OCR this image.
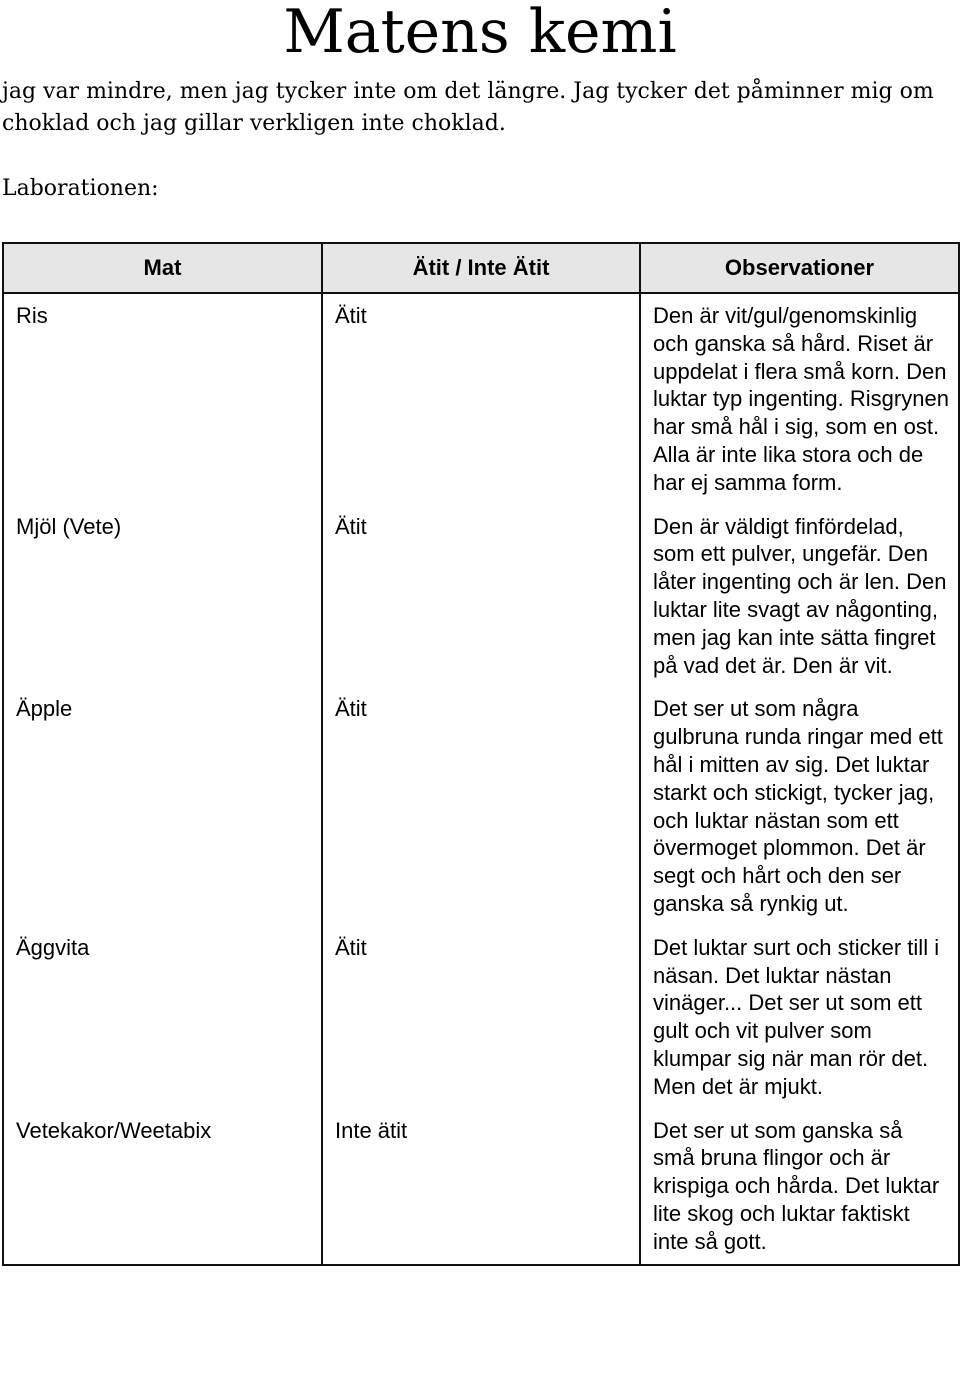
Matens kemi

jag var mindre, men jag tycker inte om det längre. Jag tycker det påminner mig om choklad och jag gillar verkligen inte choklad.

Laborationen:
Mat	Ätit / Inte Ätit	Observationer
Ris	Ätit	Den är vit/gul/genomskinlig och ganska så hård. Riset är uppdelat i flera små korn. Den luktar typ ingenting. Risgrynen har små hål i sig, som en ost. Alla är inte lika stora och de har ej samma form.
Mjöl (Vete)	Ätit	Den är väldigt finfördelad, som ett pulver, ungefär. Den låter ingenting och är len. Den luktar lite svagt av någonting, men jag kan inte sätta fingret på vad det är. Den är vit.
Äpple	Ätit	Det ser ut som några gulbruna runda ringar med ett hål i mitten av sig. Det luktar starkt och stickigt, tycker jag, och luktar nästan som ett övermoget plommon. Det är segt och hårt och den ser ganska så rynkig ut.
Äggvita	Ätit	Det luktar surt och sticker till i näsan. Det luktar nästan vinäger... Det ser ut som ett gult och vit pulver som klumpar sig när man rör det. Men det är mjukt.
Vetekakor/Weetabix	Inte ätit	Det ser ut som ganska så små bruna flingor och är krispiga och hårda. Det luktar lite skog och luktar faktiskt inte så gott.
